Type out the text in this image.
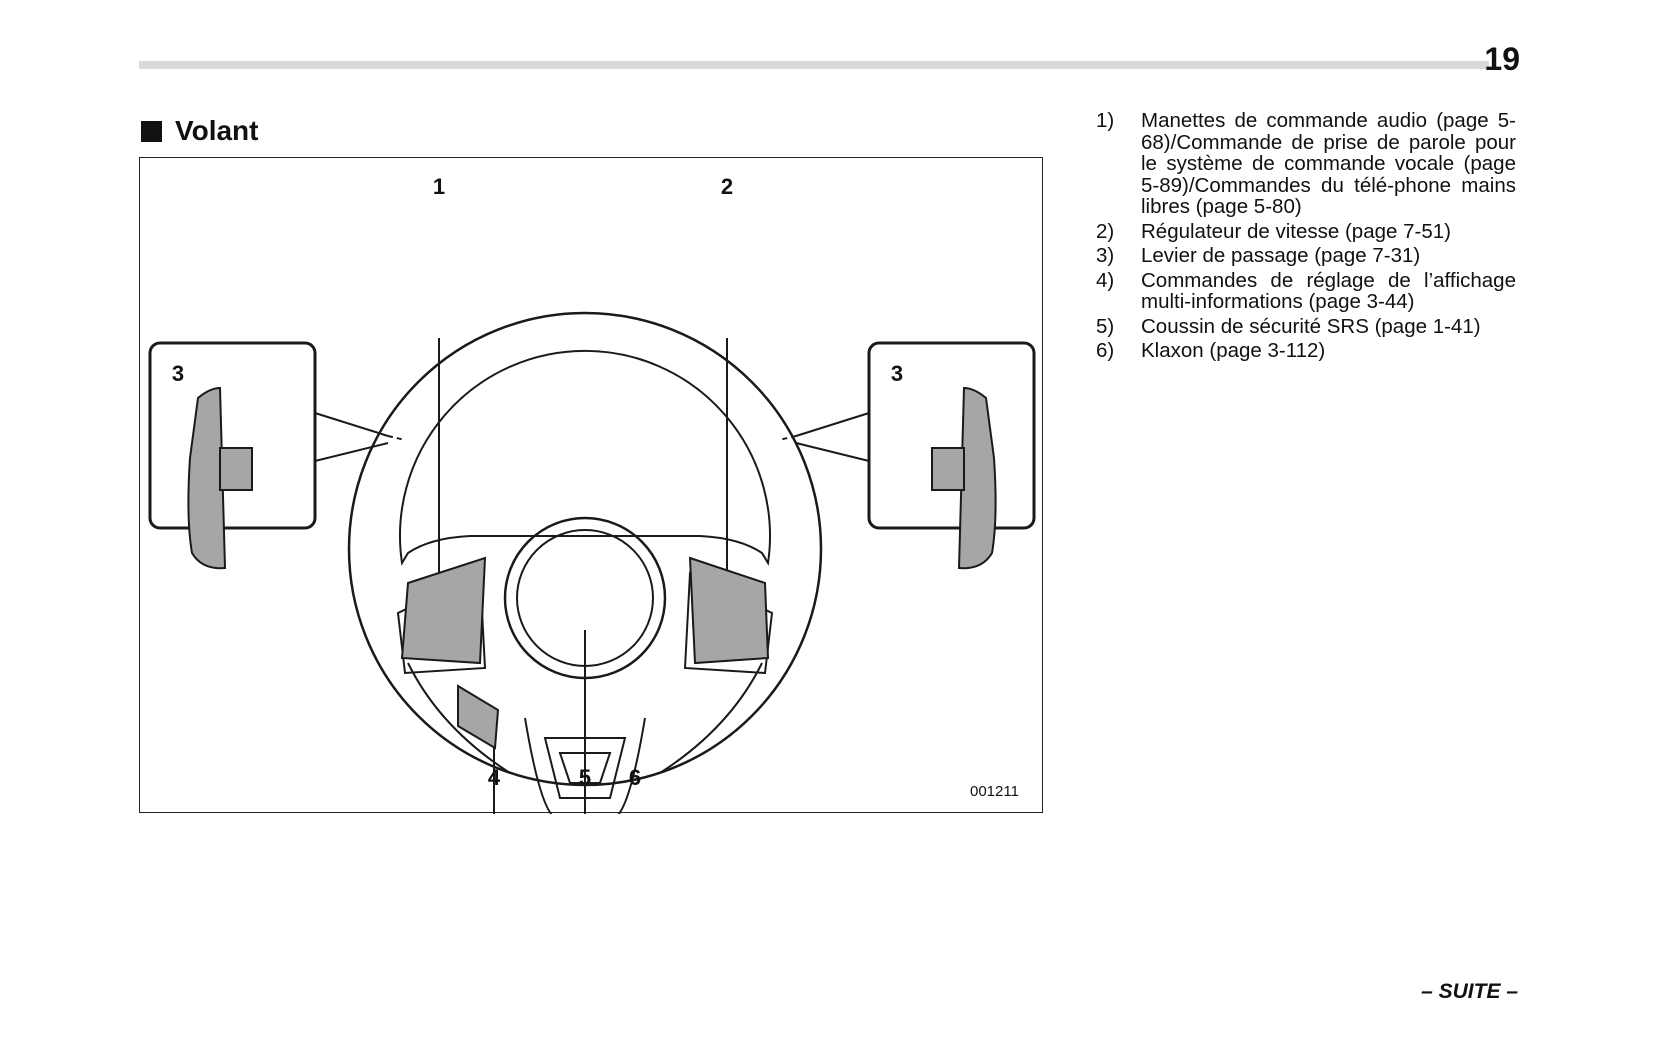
19
Volant
1	2
3	3
4	5	6
001211
1)	Manettes de commande audio (page 5-68)/Commande de prise de parole pour le système de commande vocale (page 5-89)/Commandes du télé-phone mains libres (page 5-80)
2)	Régulateur de vitesse (page 7-51)
3)	Levier de passage (page 7-31)
4)	Commandes de réglage de l’affichage multi-informations (page 3-44)
5)	Coussin de sécurité SRS (page 1-41)
6)	Klaxon (page 3-112)
– SUITE –
